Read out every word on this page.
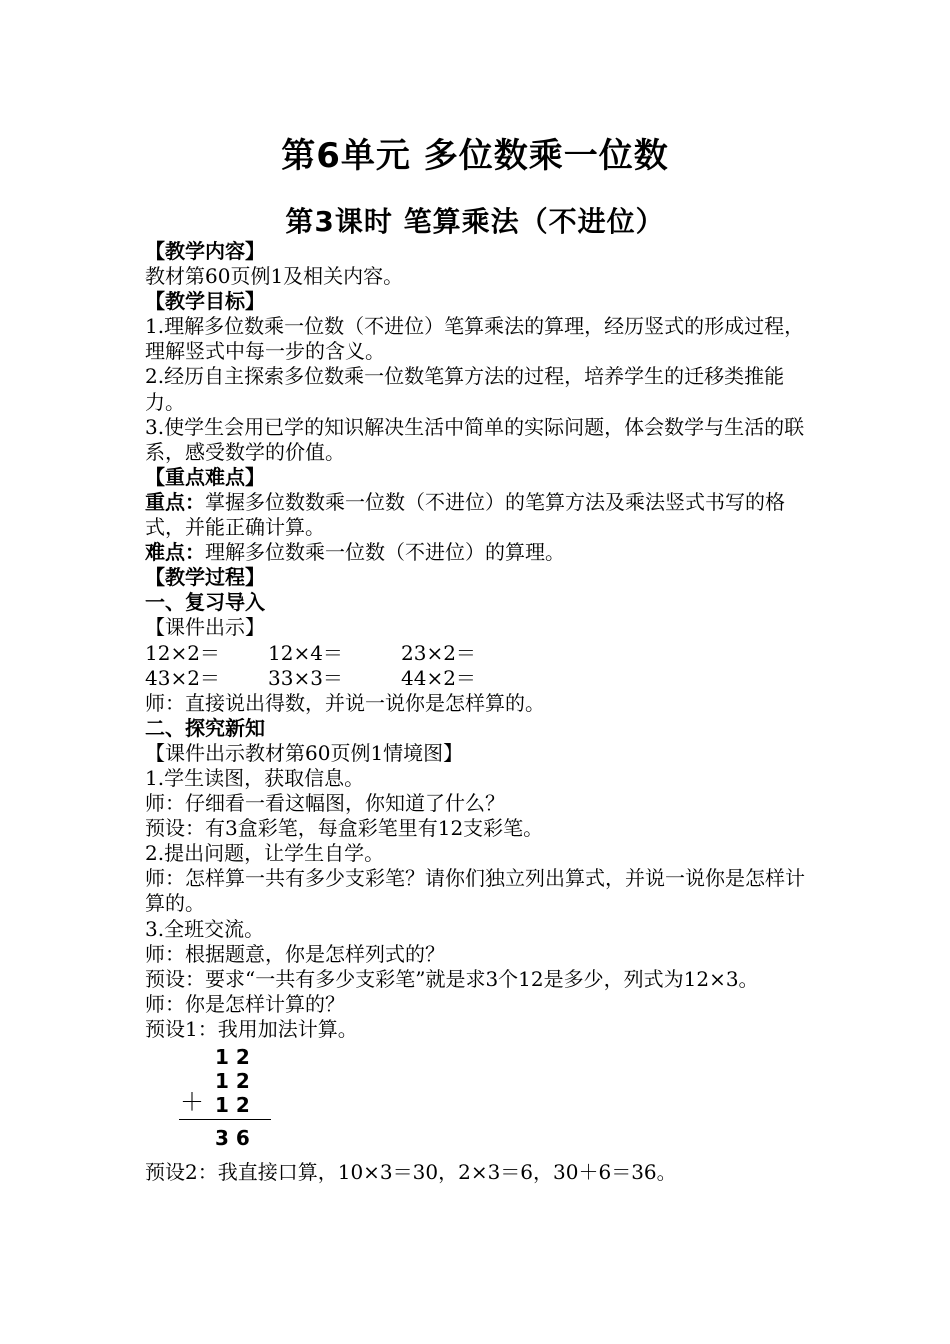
第6单元 多位数乘一位数
第3课时 笔算乘法（不进位）
【教学内容】
教材第60页例1及相关内容。
【教学目标】
1.理解多位数乘一位数（不进位）笔算乘法的算理，经历竖式的形成过程，理解竖式中每一步的含义。
2.经历自主探索多位数乘一位数笔算方法的过程，培养学生的迁移类推能力。
3.使学生会用已学的知识解决生活中简单的实际问题，体会数学与生活的联系，感受数学的价值。
【重点难点】
重点：掌握多位数数乘一位数（不进位）的笔算方法及乘法竖式书写的格式，并能正确计算。
难点：理解多位数乘一位数（不进位）的算理。
【教学过程】
一、复习导入
【课件出示】
12×2＝	12×4＝	23×2＝
43×2＝	33×3＝	44×2＝
师：直接说出得数，并说一说你是怎样算的。
二、探究新知
【课件出示教材第60页例1情境图】
1.学生读图，获取信息。
师：仔细看一看这幅图，你知道了什么？
预设：有3盒彩笔，每盒彩笔里有12支彩笔。
2.提出问题，让学生自学。
师：怎样算一共有多少支彩笔？请你们独立列出算式，并说一说你是怎样计算的。
3.全班交流。
师：根据题意，你是怎样列式的？
预设：要求“一共有多少支彩笔”就是求3个12是多少，列式为12×3。
师：你是怎样计算的？
预设1：我用加法计算。
12
12
＋ 12
36
预设2：我直接口算，10×3＝30，2×3＝6，30＋6＝36。
